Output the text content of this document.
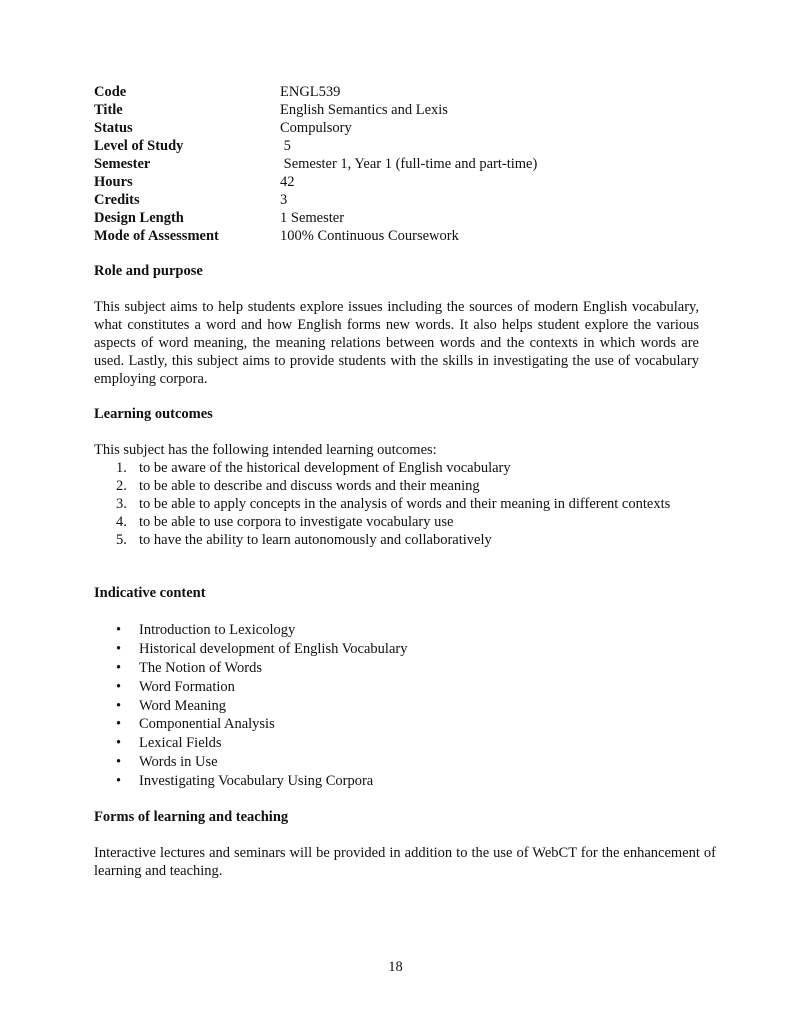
Code	ENGL539
Title	English Semantics and Lexis
Status	Compulsory
Level of Study	5
Semester	Semester 1, Year 1 (full-time and part-time)
Hours	42
Credits	3
Design Length	1 Semester
Mode of Assessment	100% Continuous Coursework
Role and purpose

This subject aims to help students explore issues including the sources of modern English vocabulary, what constitutes a word and how English forms new words. It also helps student explore the various aspects of word meaning, the meaning relations between words and the contexts in which words are used. Lastly, this subject aims to provide students with the skills in investigating the use of vocabulary employing corpora.

Learning outcomes

This subject has the following intended learning outcomes:

1. to be aware of the historical development of English vocabulary
2. to be able to describe and discuss words and their meaning
3. to be able to apply concepts in the analysis of words and their meaning in different contexts
4. to be able to use corpora to investigate vocabulary use
5. to have the ability to learn autonomously and collaboratively
Indicative content
• Introduction to Lexicology
• Historical development of English Vocabulary
• The Notion of Words
• Word Formation
• Word Meaning
• Componential Analysis
• Lexical Fields
• Words in Use
• Investigating Vocabulary Using Corpora
Forms of learning and teaching

Interactive lectures and seminars will be provided in addition to the use of WebCT for the enhancement of learning and teaching.

18
